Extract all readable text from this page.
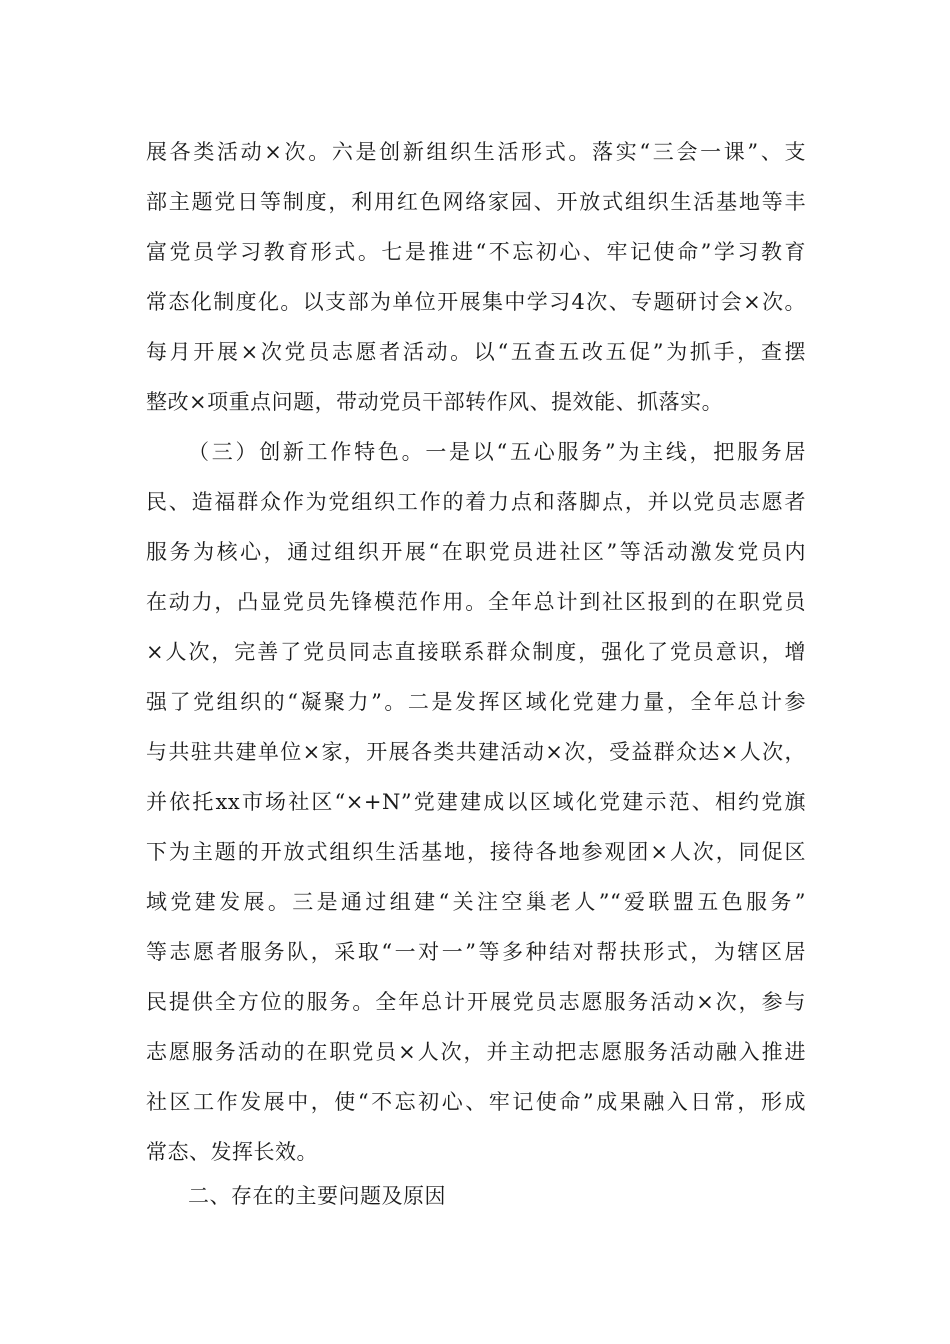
展各类活动×次。六是创新组织生活形式。落实“三会一课”、支
部主题党日等制度，利用红色网络家园、开放式组织生活基地等丰
富党员学习教育形式。七是推进“不忘初心、牢记使命”学习教育
常态化制度化。以支部为单位开展集中学习4次、专题研讨会×次。
每月开展×次党员志愿者活动。以“五查五改五促”为抓手，查摆
整改×项重点问题，带动党员干部转作风、提效能、抓落实。
（三）创新工作特色。一是以“五心服务”为主线，把服务居
民、造福群众作为党组织工作的着力点和落脚点，并以党员志愿者
服务为核心，通过组织开展“在职党员进社区”等活动激发党员内
在动力，凸显党员先锋模范作用。全年总计到社区报到的在职党员
×人次，完善了党员同志直接联系群众制度，强化了党员意识，增
强了党组织的“凝聚力”。二是发挥区域化党建力量，全年总计参
与共驻共建单位×家，开展各类共建活动×次，受益群众达×人次，
并依托xx市场社区“×+N”党建建成以区域化党建示范、相约党旗
下为主题的开放式组织生活基地，接待各地参观团×人次，同促区
域党建发展。三是通过组建“关注空巢老人”“爱联盟五色服务”
等志愿者服务队，采取“一对一”等多种结对帮扶形式，为辖区居
民提供全方位的服务。全年总计开展党员志愿服务活动×次，参与
志愿服务活动的在职党员×人次，并主动把志愿服务活动融入推进
社区工作发展中，使“不忘初心、牢记使命”成果融入日常，形成
常态、发挥长效。
二、存在的主要问题及原因
